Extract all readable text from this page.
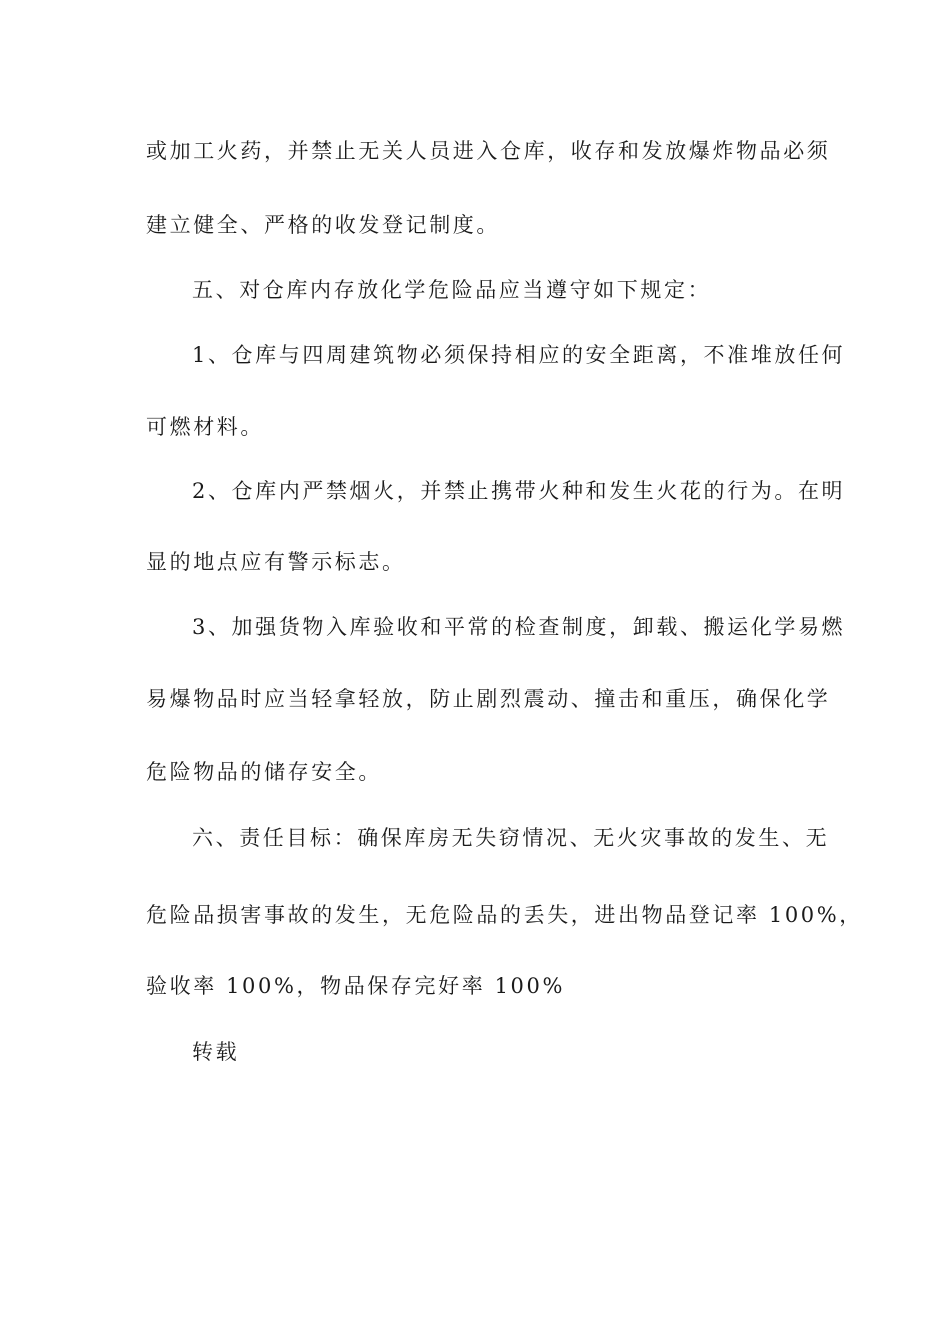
或加工火药，并禁止无关人员进入仓库，收存和发放爆炸物品必须
建立健全、严格的收发登记制度。
五、对仓库内存放化学危险品应当遵守如下规定：
1、仓库与四周建筑物必须保持相应的安全距离，不准堆放任何
可燃材料。
2、仓库内严禁烟火，并禁止携带火种和发生火花的行为。在明
显的地点应有警示标志。
3、加强货物入库验收和平常的检查制度，卸载、搬运化学易燃
易爆物品时应当轻拿轻放，防止剧烈震动、撞击和重压，确保化学
危险物品的储存安全。
六、责任目标：确保库房无失窃情况、无火灾事故的发生、无
危险品损害事故的发生，无危险品的丢失，进出物品登记率 100%，
验收率 100%，物品保存完好率 100%
转载
